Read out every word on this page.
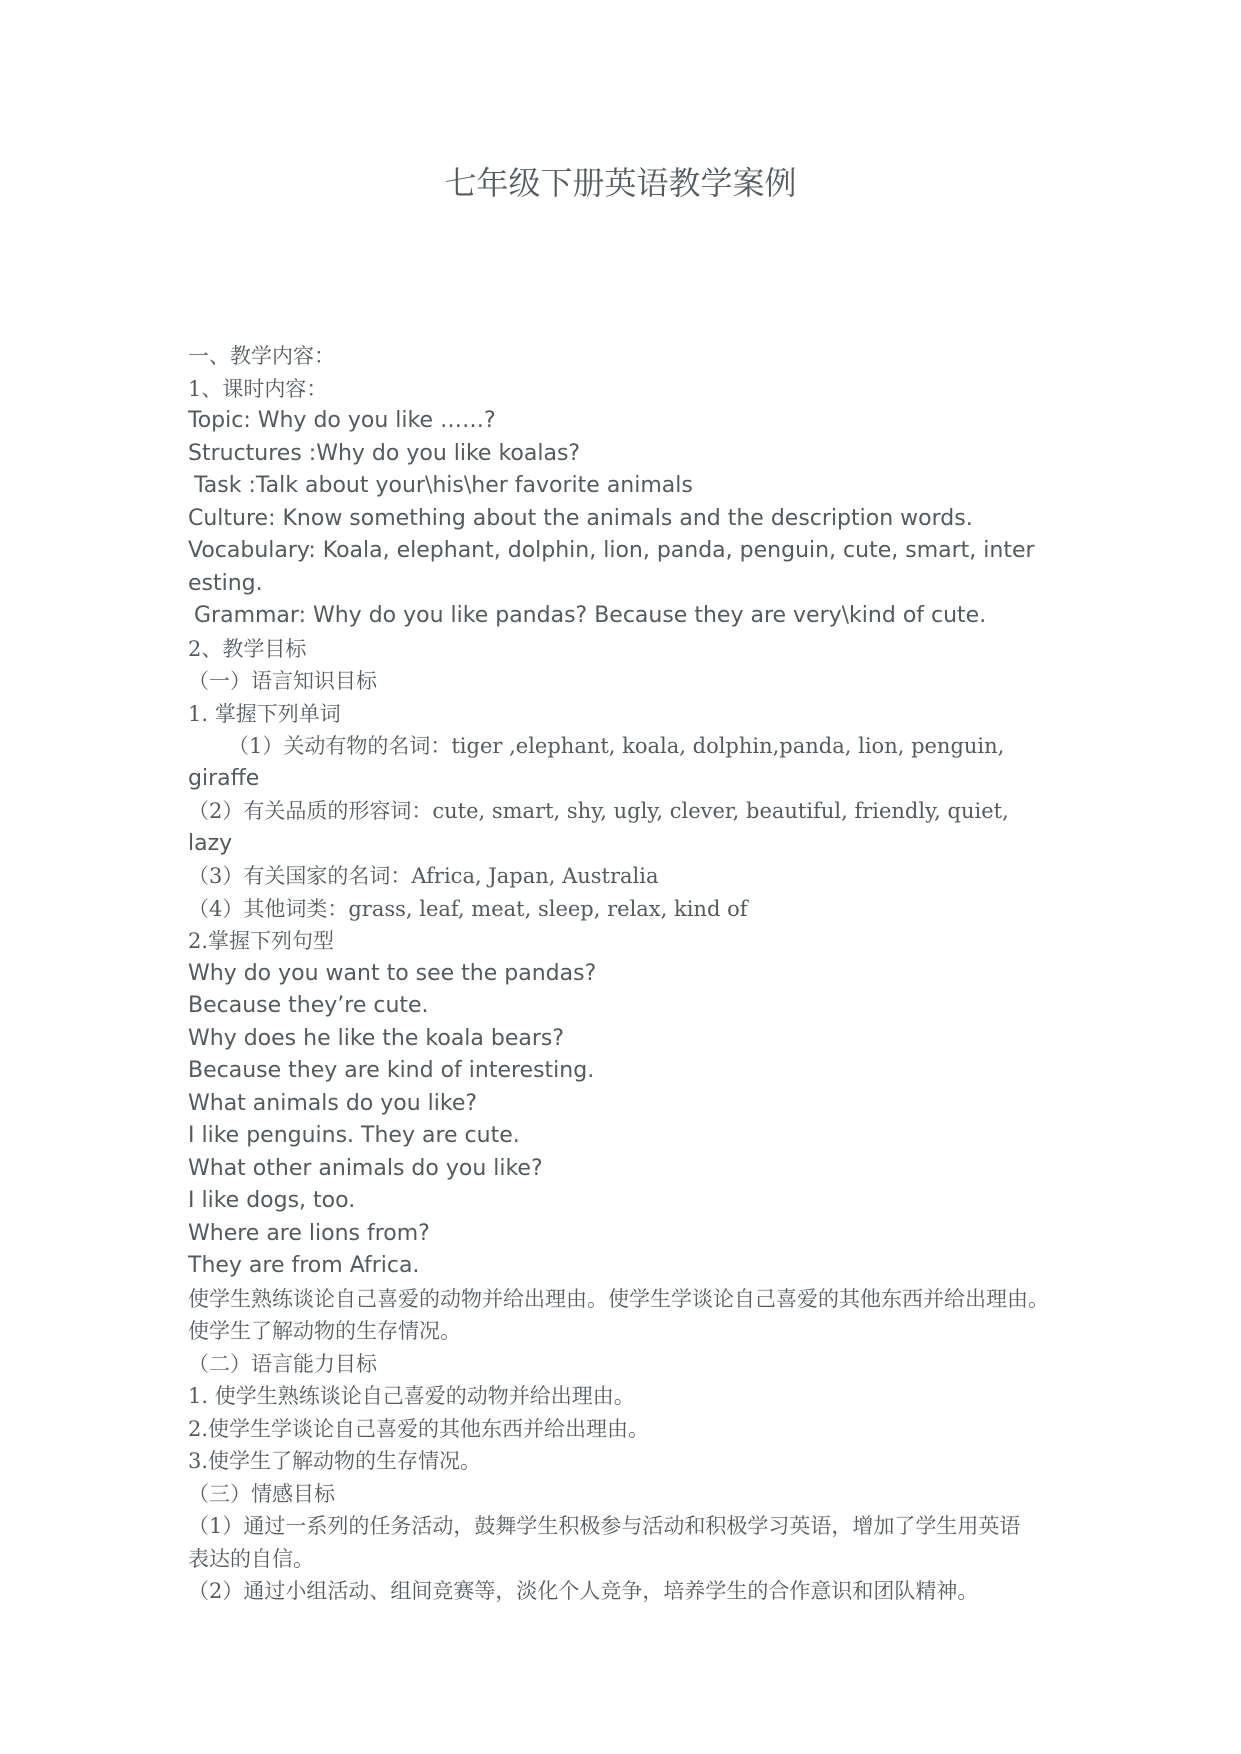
七年级下册英语教学案例
一、教学内容：
1、课时内容：
Topic: Why do you like ……?
Structures :Why do you like koalas?
Task :Talk about your\his\her favorite animals
Culture: Know something about the animals and the description words.
Vocabulary: Koala, elephant, dolphin, lion, panda, penguin, cute, smart, inter
esting.
Grammar: Why do you like pandas? Because they are very\kind of cute.
2、教学目标
（一）语言知识目标
1. 掌握下列单词
（1）关动有物的名词：tiger ,elephant, koala, dolphin,panda, lion, penguin,
giraffe
（2）有关品质的形容词：cute, smart, shy, ugly, clever, beautiful, friendly, quiet,
lazy
（3）有关国家的名词：Africa, Japan, Australia
（4）其他词类：grass, leaf, meat, sleep, relax, kind of
2.掌握下列句型
Why do you want to see the pandas?
Because they’re cute.
Why does he like the koala bears?
Because they are kind of interesting.
What animals do you like?
I like penguins. They are cute.
What other animals do you like?
I like dogs, too.
Where are lions from?
They are from Africa.
使学生熟练谈论自己喜爱的动物并给出理由。使学生学谈论自己喜爱的其他东西并给出理由。
使学生了解动物的生存情况。
（二）语言能力目标
1. 使学生熟练谈论自己喜爱的动物并给出理由。
2.使学生学谈论自己喜爱的其他东西并给出理由。
3.使学生了解动物的生存情况。
（三）情感目标
（1）通过一系列的任务活动，鼓舞学生积极参与活动和积极学习英语，增加了学生用英语
表达的自信。
（2）通过小组活动、组间竞赛等，淡化个人竞争，培养学生的合作意识和团队精神。
